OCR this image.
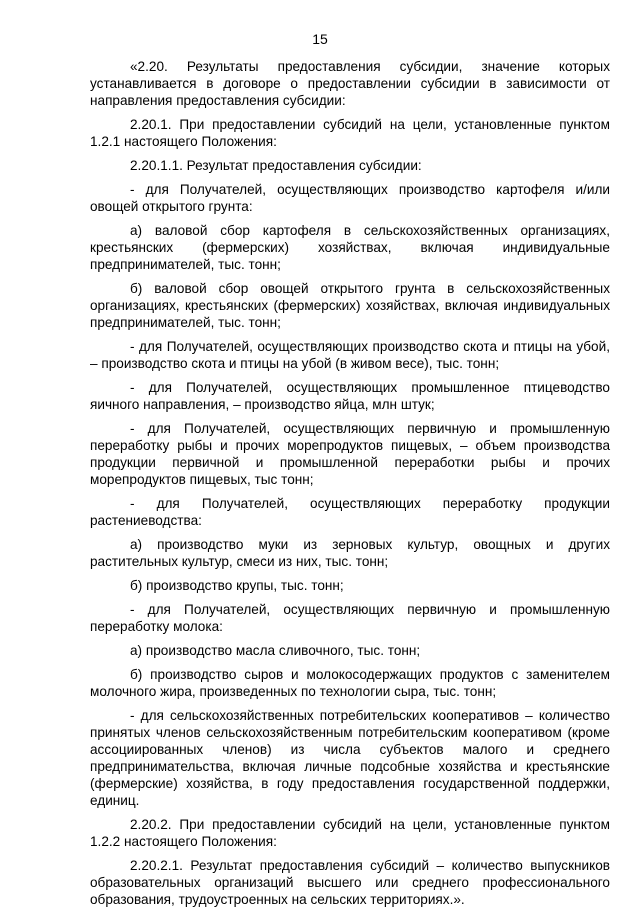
15

«2.20. Результаты предоставления субсидии, значение которых устанавливается в договоре о предоставлении субсидии в зависимости от направления предоставления субсидии:

2.20.1. При предоставлении субсидий на цели, установленные пунктом 1.2.1 настоящего Положения:

2.20.1.1. Результат предоставления субсидии:

- для Получателей, осуществляющих производство картофеля и/или овощей открытого грунта:

а) валовой сбор картофеля в сельскохозяйственных организациях, крестьянских (фермерских) хозяйствах, включая индивидуальные предпринимателей, тыс. тонн;

б) валовой сбор овощей открытого грунта в сельскохозяйственных организациях, крестьянских (фермерских) хозяйствах, включая индивидуальных предпринимателей, тыс. тонн;

- для Получателей, осуществляющих производство скота и птицы на убой, – производство скота и птицы на убой (в живом весе), тыс. тонн;

- для Получателей, осуществляющих промышленное птицеводство яичного направления, – производство яйца, млн штук;

- для Получателей, осуществляющих первичную и промышленную переработку рыбы и прочих морепродуктов пищевых, – объем производства продукции первичной и промышленной переработки рыбы и прочих морепродуктов пищевых, тыс тонн;

- для Получателей, осуществляющих переработку продукции растениеводства:

а) производство муки из зерновых культур, овощных и других растительных культур, смеси из них, тыс. тонн;

б) производство крупы, тыс. тонн;

- для Получателей, осуществляющих первичную и промышленную переработку молока:

а) производство масла сливочного, тыс. тонн;

б) производство сыров и молокосодержащих продуктов с заменителем молочного жира, произведенных по технологии сыра, тыс. тонн;

- для сельскохозяйственных потребительских кооперативов – количество принятых членов сельскохозяйственным потребительским кооперативом (кроме ассоциированных членов) из числа субъектов малого и среднего предпринимательства, включая личные подсобные хозяйства и крестьянские (фермерские) хозяйства, в году предоставления государственной поддержки, единиц.

2.20.2. При предоставлении субсидий на цели, установленные пунктом 1.2.2 настоящего Положения:

2.20.2.1. Результат предоставления субсидий – количество выпускников образовательных организаций высшего или среднего профессионального образования, трудоустроенных на сельских территориях.».
